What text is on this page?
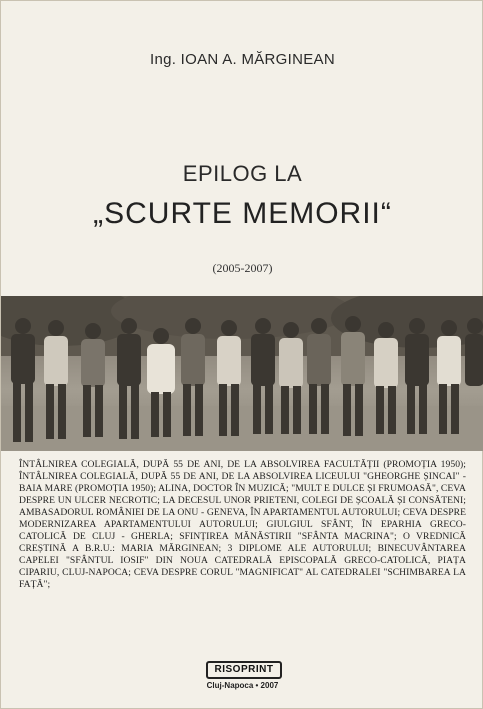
Ing. IOAN A. MĂRGINEAN
EPILOG LA
„SCURTE MEMORII“
(2005-2007)
ÎNTÂLNIREA COLEGIALĂ, DUPĂ 55 DE ANI, DE LA ABSOLVIREA FACULTĂȚII (PROMOȚIA 1950); ÎNTÂLNIREA COLEGIALĂ, DUPĂ 55 DE ANI, DE LA ABSOLVIREA LICEULUI "GHEORGHE ȘINCAI" - BAIA MARE (PROMOȚIA 1950); ALINA, DOCTOR ÎN MUZICĂ; "MULT E DULCE ȘI FRUMOASĂ", CEVA DESPRE UN ULCER NECROTIC; LA DECESUL UNOR PRIETENI, COLEGI DE ȘCOALĂ ȘI CONSĂTENI; AMBASADORUL ROMÂNIEI DE LA ONU - GENEVA, ÎN APARTAMENTUL AUTORULUI; CEVA DESPRE MODERNIZAREA APARTAMENTULUI AUTORULUI; GIULGIUL SFÂNT, ÎN EPARHIA GRECO-CATOLICĂ DE CLUJ - GHERLA; SFINȚIREA MĂNĂSTIRII "SFÂNTA MACRINA"; O VREDNICĂ CREȘTINĂ A B.R.U.: MARIA MĂRGINEAN; 3 DIPLOME ALE AUTORULUI; BINECUVÂNTAREA CAPELEI "SFÂNTUL IOSIF" DIN NOUA CATEDRALĂ EPISCOPALĂ GRECO-CATOLICĂ, PIAȚA CIPARIU, CLUJ-NAPOCA; CEVA DESPRE CORUL "MAGNIFICAT" AL CATEDRALEI "SCHIMBAREA LA FAȚĂ";
RISOPRINT
Cluj-Napoca • 2007
